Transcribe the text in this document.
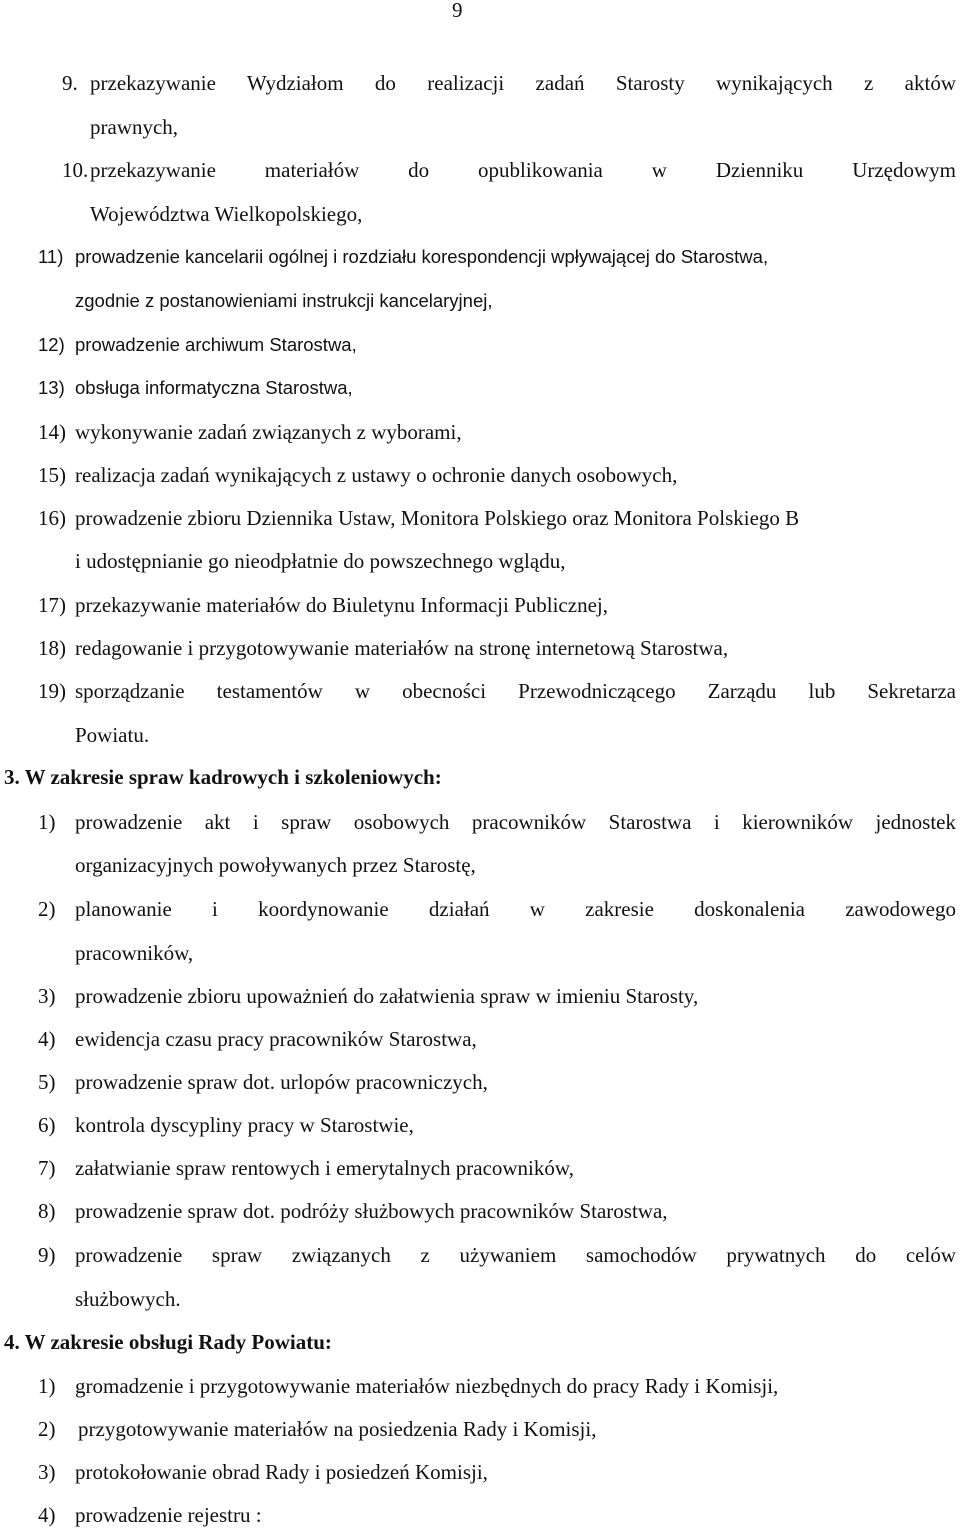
9
9. przekazywanie Wydziałom do realizacji zadań Starosty wynikających z aktów
prawnych,
10. przekazywanie materiałów do opublikowania w Dzienniku Urzędowym
Województwa Wielkopolskiego,
11) prowadzenie kancelarii ogólnej i rozdziału korespondencji wpływającej do Starostwa,
zgodnie z postanowieniami instrukcji kancelaryjnej,
12) prowadzenie archiwum Starostwa,
13) obsługa informatyczna Starostwa,
14) wykonywanie zadań związanych z wyborami,
15) realizacja zadań wynikających z ustawy o ochronie danych osobowych,
16) prowadzenie zbioru Dziennika Ustaw, Monitora Polskiego oraz Monitora Polskiego B
i udostępnianie go nieodpłatnie do powszechnego wglądu,
17) przekazywanie materiałów do Biuletynu Informacji Publicznej,
18) redagowanie i przygotowywanie materiałów na stronę internetową Starostwa,
19) sporządzanie testamentów w obecności Przewodniczącego Zarządu lub Sekretarza
Powiatu.
3. W zakresie spraw kadrowych i szkoleniowych:
1) prowadzenie akt i spraw osobowych pracowników Starostwa i kierowników jednostek
organizacyjnych powoływanych przez Starostę,
2) planowanie i koordynowanie działań w zakresie doskonalenia zawodowego
pracowników,
3) prowadzenie zbioru upoważnień do załatwienia spraw w imieniu Starosty,
4) ewidencja czasu pracy pracowników Starostwa,
5) prowadzenie spraw dot. urlopów pracowniczych,
6) kontrola dyscypliny pracy w Starostwie,
7) załatwianie spraw rentowych i emerytalnych pracowników,
8) prowadzenie spraw dot. podróży służbowych pracowników Starostwa,
9) prowadzenie spraw związanych z używaniem samochodów prywatnych do celów
służbowych.
4. W zakresie obsługi Rady Powiatu:
1) gromadzenie i przygotowywanie materiałów niezbędnych do pracy Rady i Komisji,
2) przygotowywanie materiałów na posiedzenia Rady i Komisji,
3) protokołowanie obrad Rady i posiedzeń Komisji,
4) prowadzenie rejestru :
